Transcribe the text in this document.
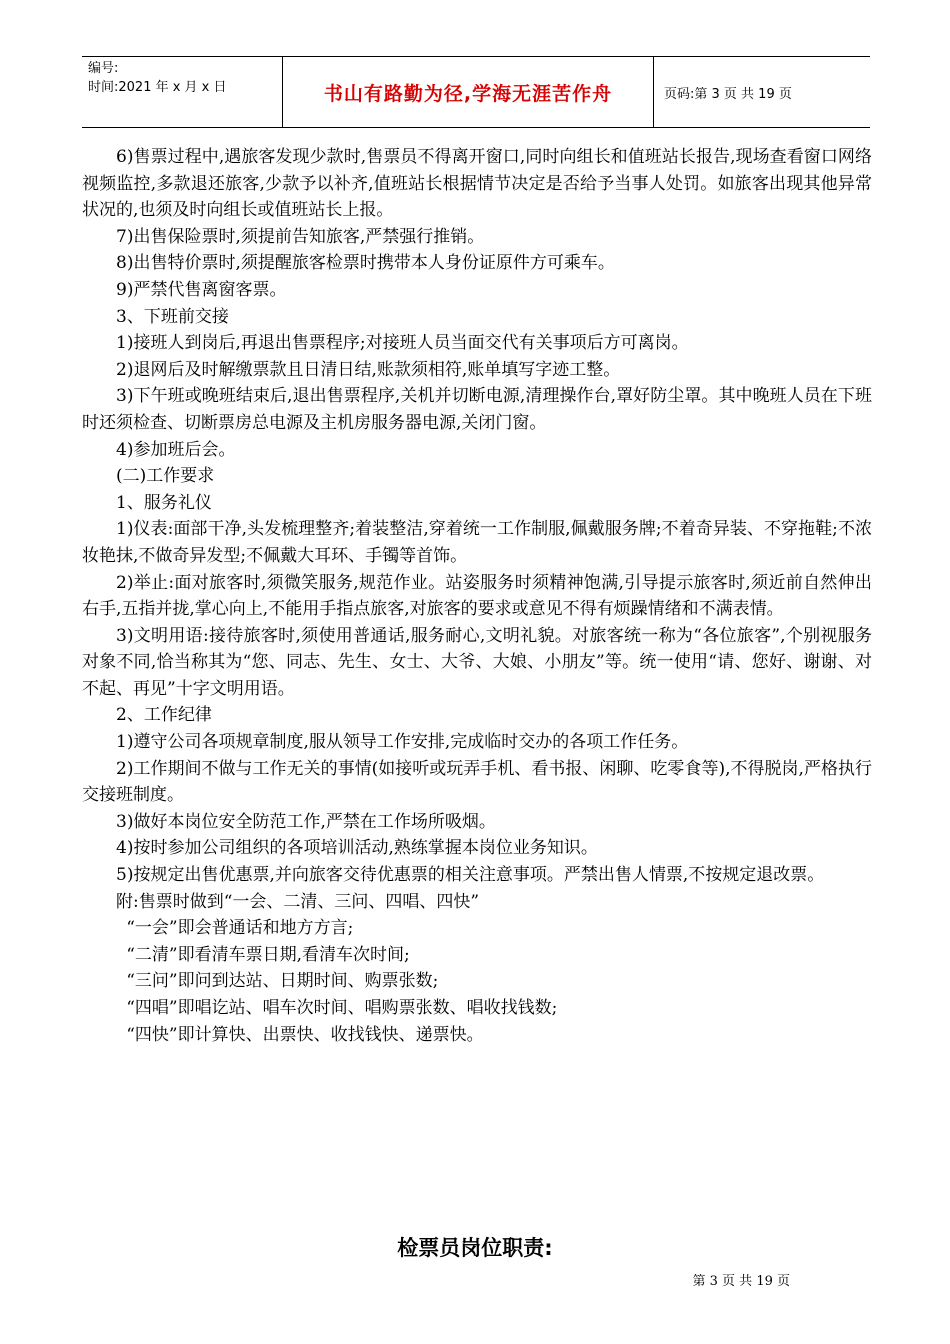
编号:
时间:2021 年 x 月 x 日	书山有路勤为径,学海无涯苦作舟	页码:第 3 页 共 19 页

6)售票过程中,遇旅客发现少款时,售票员不得离开窗口,同时向组长和值班站长报告,现场查看窗口网络视频监控,多款退还旅客,少款予以补齐,值班站长根据情节决定是否给予当事人处罚。如旅客出现其他异常状况的,也须及时向组长或值班站长上报。

7)出售保险票时,须提前告知旅客,严禁强行推销。

8)出售特价票时,须提醒旅客检票时携带本人身份证原件方可乘车。

9)严禁代售离窗客票。

3、下班前交接

1)接班人到岗后,再退出售票程序;对接班人员当面交代有关事项后方可离岗。

2)退网后及时解缴票款且日清日结,账款须相符,账单填写字迹工整。

3)下午班或晚班结束后,退出售票程序,关机并切断电源,清理操作台,罩好防尘罩。其中晚班人员在下班时还须检查、切断票房总电源及主机房服务器电源,关闭门窗。

4)参加班后会。

(二)工作要求

1、服务礼仪

1)仪表:面部干净,头发梳理整齐;着装整洁,穿着统一工作制服,佩戴服务牌;不着奇异装、不穿拖鞋;不浓妆艳抹,不做奇异发型;不佩戴大耳环、手镯等首饰。

2)举止:面对旅客时,须微笑服务,规范作业。站姿服务时须精神饱满,引导提示旅客时,须近前自然伸出右手,五指并拢,掌心向上,不能用手指点旅客,对旅客的要求或意见不得有烦躁情绪和不满表情。

3)文明用语:接待旅客时,须使用普通话,服务耐心,文明礼貌。对旅客统一称为“各位旅客”,个别视服务对象不同,恰当称其为“您、同志、先生、女士、大爷、大娘、小朋友”等。统一使用“请、您好、谢谢、对不起、再见”十字文明用语。

2、工作纪律

1)遵守公司各项规章制度,服从领导工作安排,完成临时交办的各项工作任务。

2)工作期间不做与工作无关的事情(如接听或玩弄手机、看书报、闲聊、吃零食等),不得脱岗,严格执行交接班制度。

3)做好本岗位安全防范工作,严禁在工作场所吸烟。

4)按时参加公司组织的各项培训活动,熟练掌握本岗位业务知识。

5)按规定出售优惠票,并向旅客交待优惠票的相关注意事项。严禁出售人情票,不按规定退改票。

附:售票时做到“一会、二清、三问、四唱、四快”

“一会”即会普通话和地方方言;

“二清”即看清车票日期,看清车次时间;

“三问”即问到达站、日期时间、购票张数;

“四唱”即唱讫站、唱车次时间、唱购票张数、唱收找钱数;

“四快”即计算快、出票快、收找钱快、递票快。

检票员岗位职责:
第 3 页 共 19 页
